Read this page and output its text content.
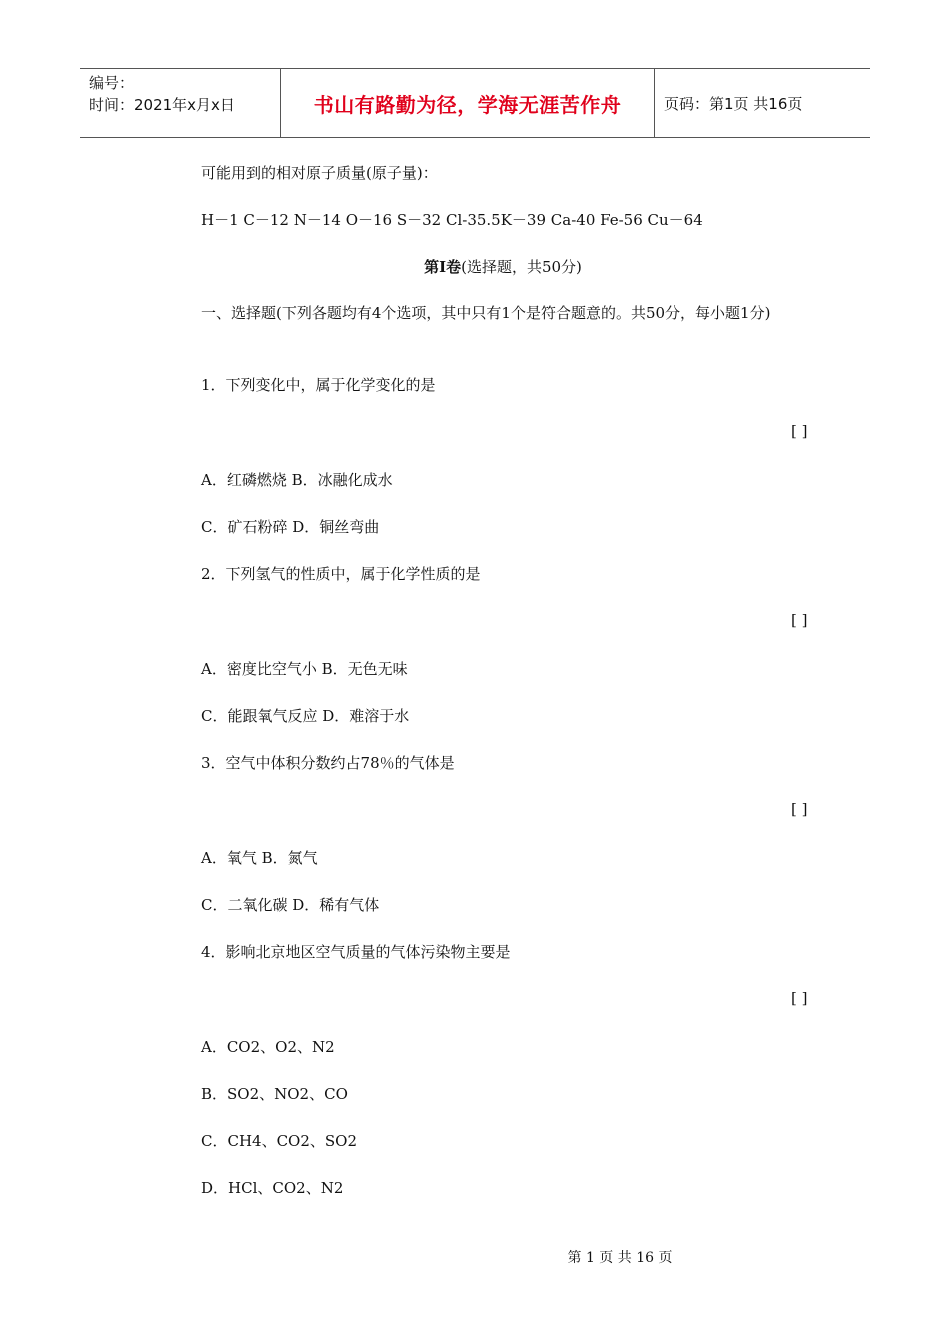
编号：
时间：2021年x月x日	书山有路勤为径，学海无涯苦作舟	页码：第1页 共16页
可能用到的相对原子质量(原子量)：
H－1 C－12 N－14 O－16 S－32 Cl-35.5K－39 Ca-40 Fe-56 Cu－64
第Ⅰ卷(选择题，共50分)
一、选择题(下列各题均有4个选项，其中只有1个是符合题意的。共50分，每小题1分)
1．下列变化中，属于化学变化的是
[ ]
A．红磷燃烧 B．冰融化成水
C．矿石粉碎 D．铜丝弯曲
2．下列氢气的性质中，属于化学性质的是
[ ]
A．密度比空气小 B．无色无味
C．能跟氧气反应 D．难溶于水
3．空气中体积分数约占78％的气体是
[ ]
A．氧气 B．氮气
C．二氧化碳 D．稀有气体
4．影响北京地区空气质量的气体污染物主要是
[ ]
A．CO2、O2、N2
B．SO2、NO2、CO
C．CH4、CO2、SO2
D．HCl、CO2、N2
第 1 页 共 16 页
